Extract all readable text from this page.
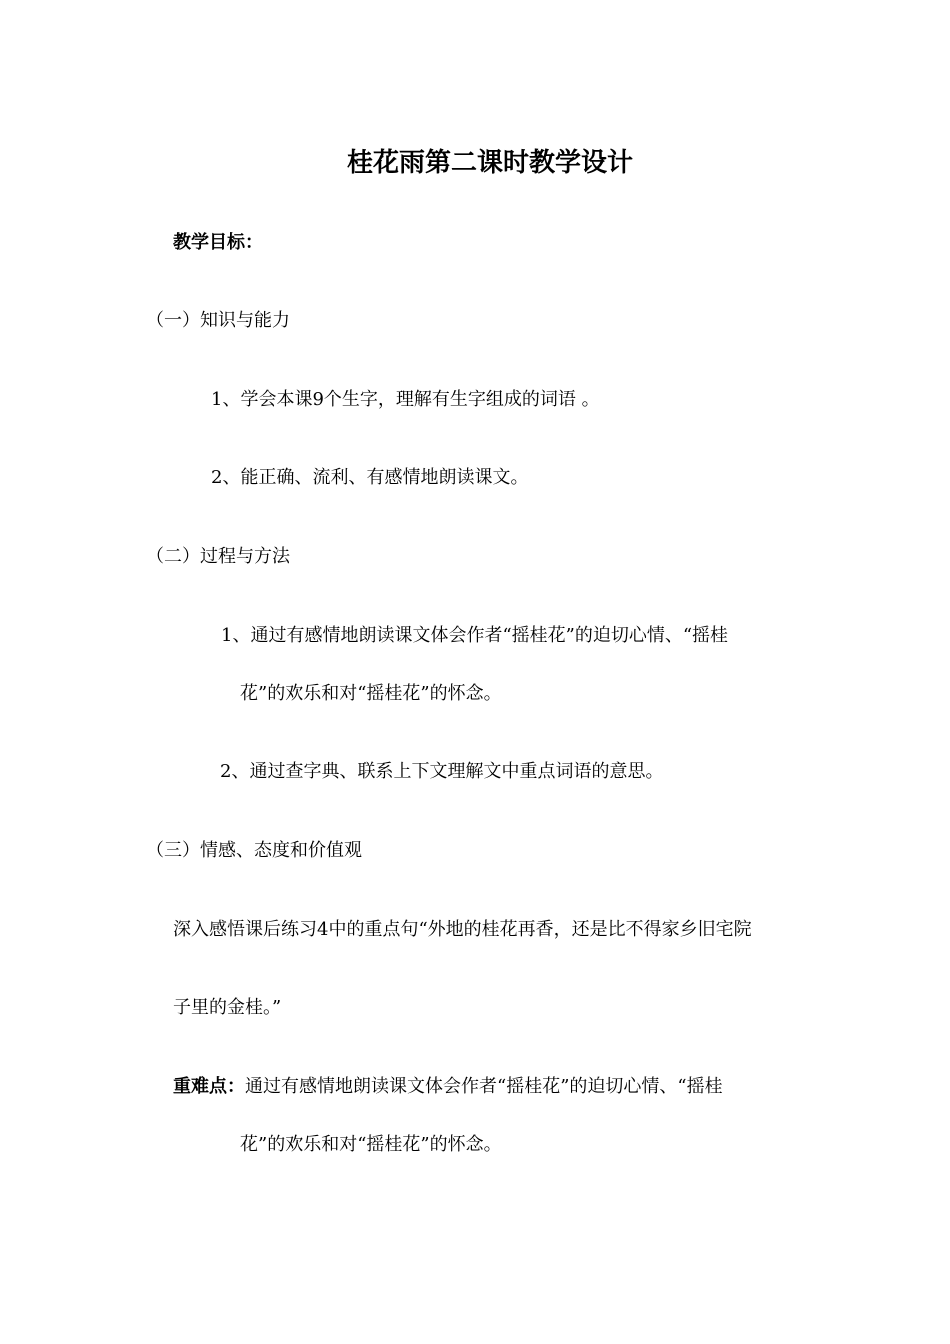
桂花雨第二课时教学设计
教学目标：
（一）知识与能力
1、学会本课9个生字，理解有生字组成的词语 。
2、能正确、流利、有感情地朗读课文。
（二）过程与方法
1、通过有感情地朗读课文体会作者“摇桂花”的迫切心情、“摇桂
花”的欢乐和对“摇桂花”的怀念。
2、通过查字典、联系上下文理解文中重点词语的意思。
（三）情感、态度和价值观
深入感悟课后练习4中的重点句“外地的桂花再香，还是比不得家乡旧宅院
子里的金桂。”
重难点：通过有感情地朗读课文体会作者“摇桂花”的迫切心情、“摇桂
花”的欢乐和对“摇桂花”的怀念。
